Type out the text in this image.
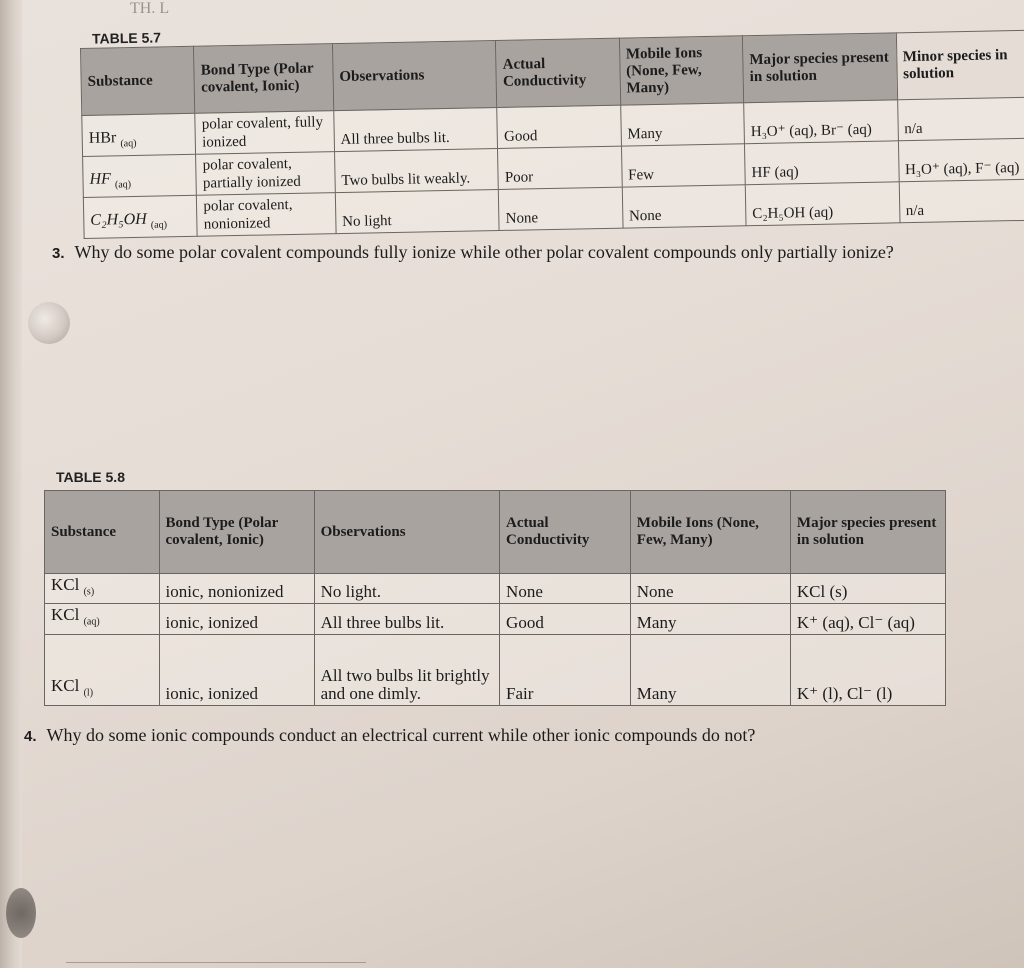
TH. L
TABLE 5.7
Substance	Bond Type (Polar covalent, Ionic)	Observations	Actual Conductivity	Mobile Ions (None, Few, Many)	Major species present in solution	Minor species in solution
HBr $_{(aq)}$	polar covalent, fully ionized	All three bulbs lit.	Good	Many	H₃O⁺ (aq), Br⁻ (aq)	n/a
HF $_{(aq)}$	polar covalent, partially ionized	Two bulbs lit weakly.	Poor	Few	HF (aq)	H₃O⁺ (aq), F⁻ (aq)
C₂H₅OH $_{(aq)}$	polar covalent, nonionized	No light	None	None	C₂H₅OH (aq)	n/a
3. Why do some polar covalent compounds fully ionize while other polar covalent compounds only partially ionize?
TABLE 5.8
Substance	Bond Type (Polar covalent, Ionic)	Observations	Actual Conductivity	Mobile Ions (None, Few, Many)	Major species present in solution
KCl $_{(s)}$	ionic, nonionized	No light.	None	None	KCl (s)
KCl $_{(aq)}$	ionic, ionized	All three bulbs lit.	Good	Many	K⁺ (aq), Cl⁻ (aq)
KCl $_{(l)}$	ionic, ionized	All two bulbs lit brightly and one dimly.	Fair	Many	K⁺ (l), Cl⁻ (l)
4. Why do some ionic compounds conduct an electrical current while other ionic compounds do not?
